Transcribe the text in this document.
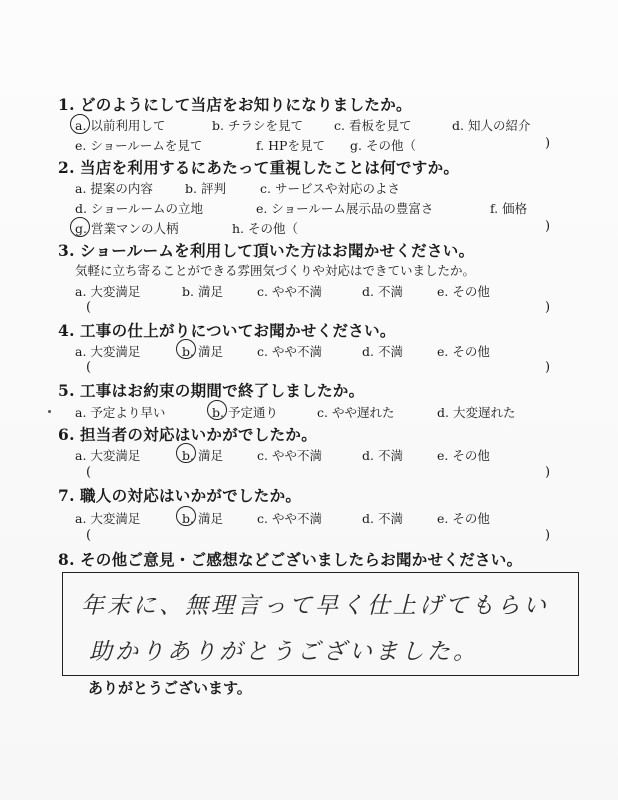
1. どのようにして当店をお知りになりましたか。
a. 以前利用して	b. チラシを見て c. 看板を見て	d. 知人の紹介
e. ショールームを見て	f. HPを見て g. その他（	)
2. 当店を利用するにあたって重視したことは何ですか。
a. 提案の内容	b. 評判	c. サービスや対応のよさ
d. ショールームの立地	e. ショールーム展示品の豊富さ	f. 価格
g. 営業マンの人柄	h. その他（	)
3. ショールームを利用して頂いた方はお聞かせください。
気軽に立ち寄ることができる雰囲気づくりや対応はできていましたか。
a. 大変満足	b. 満足	c. やや不満	d. 不満	e. その他
(	)
4. 工事の仕上がりについてお聞かせください。
a. 大変満足	b. 満足	c. やや不満	d. 不満	e. その他
(	)
5. 工事はお約束の期間で終了しましたか。
a. 予定より早い	b. 予定通り	c. やや遅れた	d. 大変遅れた
6. 担当者の対応はいかがでしたか。
a. 大変満足	b. 満足	c. やや不満	d. 不満	e. その他
(	)
7. 職人の対応はいかがでしたか。
a. 大変満足	b. 満足	c. やや不満	d. 不満	e. その他
(	)
8. その他ご意見・ご感想などございましたらお聞かせください。
年末に、無理言って早く仕上げてもらい
助かりありがとうございました。
ありがとうございます。
